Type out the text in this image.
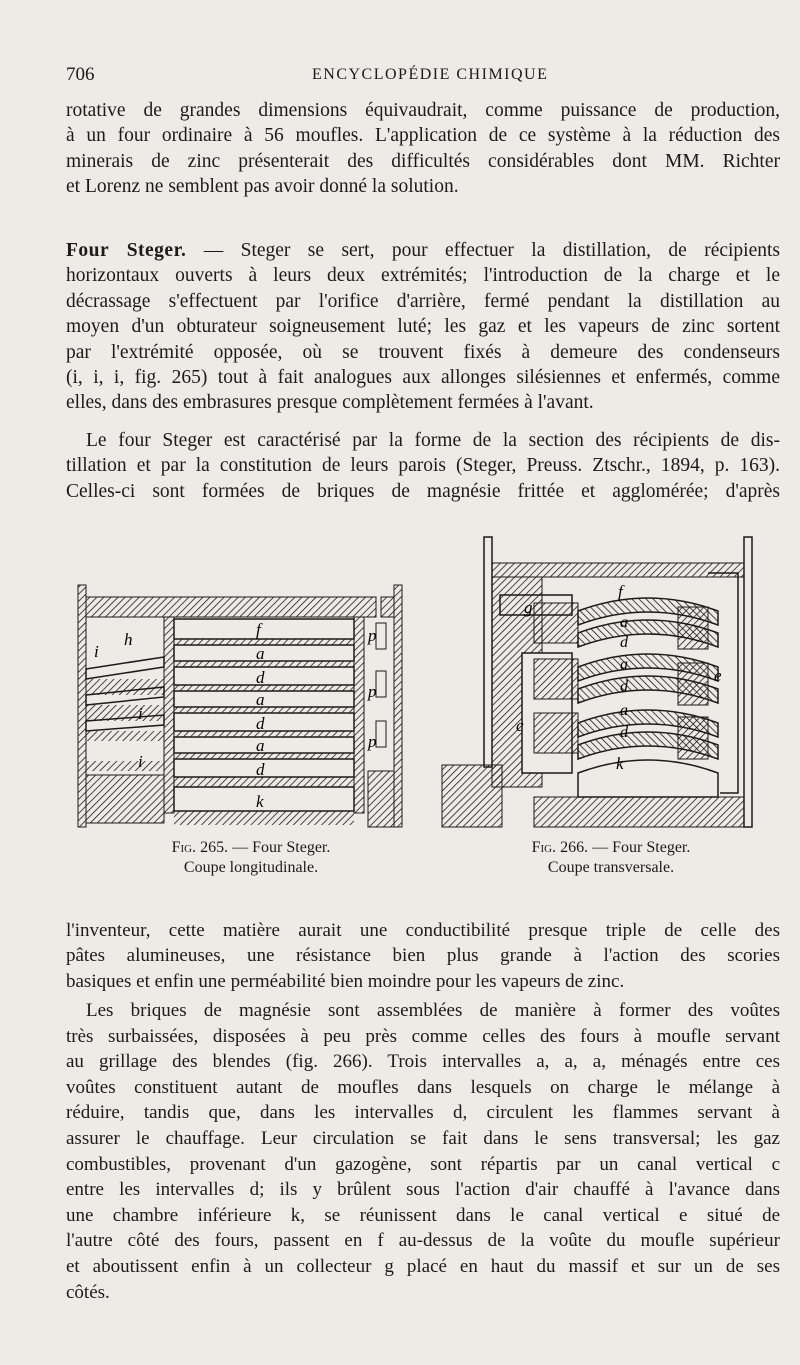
706	ENCYCLOPÉDIE CHIMIQUE
rotative de grandes dimensions équivaudrait, comme puissance de production,
à un four ordinaire à 56 moufles. L'application de ce système à la réduction des
minerais de zinc présenterait des difficultés considérables dont MM. Richter
et Lorenz ne semblent pas avoir donné la solution.
Four Steger. — Steger se sert, pour effectuer la distillation, de récipients
horizontaux ouverts à leurs deux extrémités; l'introduction de la charge et le
décrassage s'effectuent par l'orifice d'arrière, fermé pendant la distillation au
moyen d'un obturateur soigneusement luté; les gaz et les vapeurs de zinc sortent
par l'extrémité opposée, où se trouvent fixés à demeure des condenseurs
(i, i, i, fig. 265) tout à fait analogues aux allonges silésiennes et enfermés, comme
elles, dans des embrasures presque complètement fermées à l'avant.
Le four Steger est caractérisé par la forme de la section des récipients de dis-
tillation et par la constitution de leurs parois (Steger, Preuss. Ztschr., 1894, p. 163).
Celles-ci sont formées de briques de magnésie frittée et agglomérée; d'après
h
i
i
i
f
a
d
a
d
a
d
k
p
p
p
Fig. 265. — Four Steger.
Coupe longitudinale.
f
g
a
d
a
d
a
d
e
c
k
Fig. 266. — Four Steger.
Coupe transversale.
l'inventeur, cette matière aurait une conductibilité presque triple de celle des
pâtes alumineuses, une résistance bien plus grande à l'action des scories
basiques et enfin une perméabilité bien moindre pour les vapeurs de zinc.
Les briques de magnésie sont assemblées de manière à former des voûtes
très surbaissées, disposées à peu près comme celles des fours à moufle servant
au grillage des blendes (fig. 266). Trois intervalles a, a, a, ménagés entre ces
voûtes constituent autant de moufles dans lesquels on charge le mélange à
réduire, tandis que, dans les intervalles d, circulent les flammes servant à
assurer le chauffage. Leur circulation se fait dans le sens transversal; les gaz
combustibles, provenant d'un gazogène, sont répartis par un canal vertical c
entre les intervalles d; ils y brûlent sous l'action d'air chauffé à l'avance dans
une chambre inférieure k, se réunissent dans le canal vertical e situé de
l'autre côté des fours, passent en f au-dessus de la voûte du moufle supérieur
et aboutissent enfin à un collecteur g placé en haut du massif et sur un de ses
côtés.
